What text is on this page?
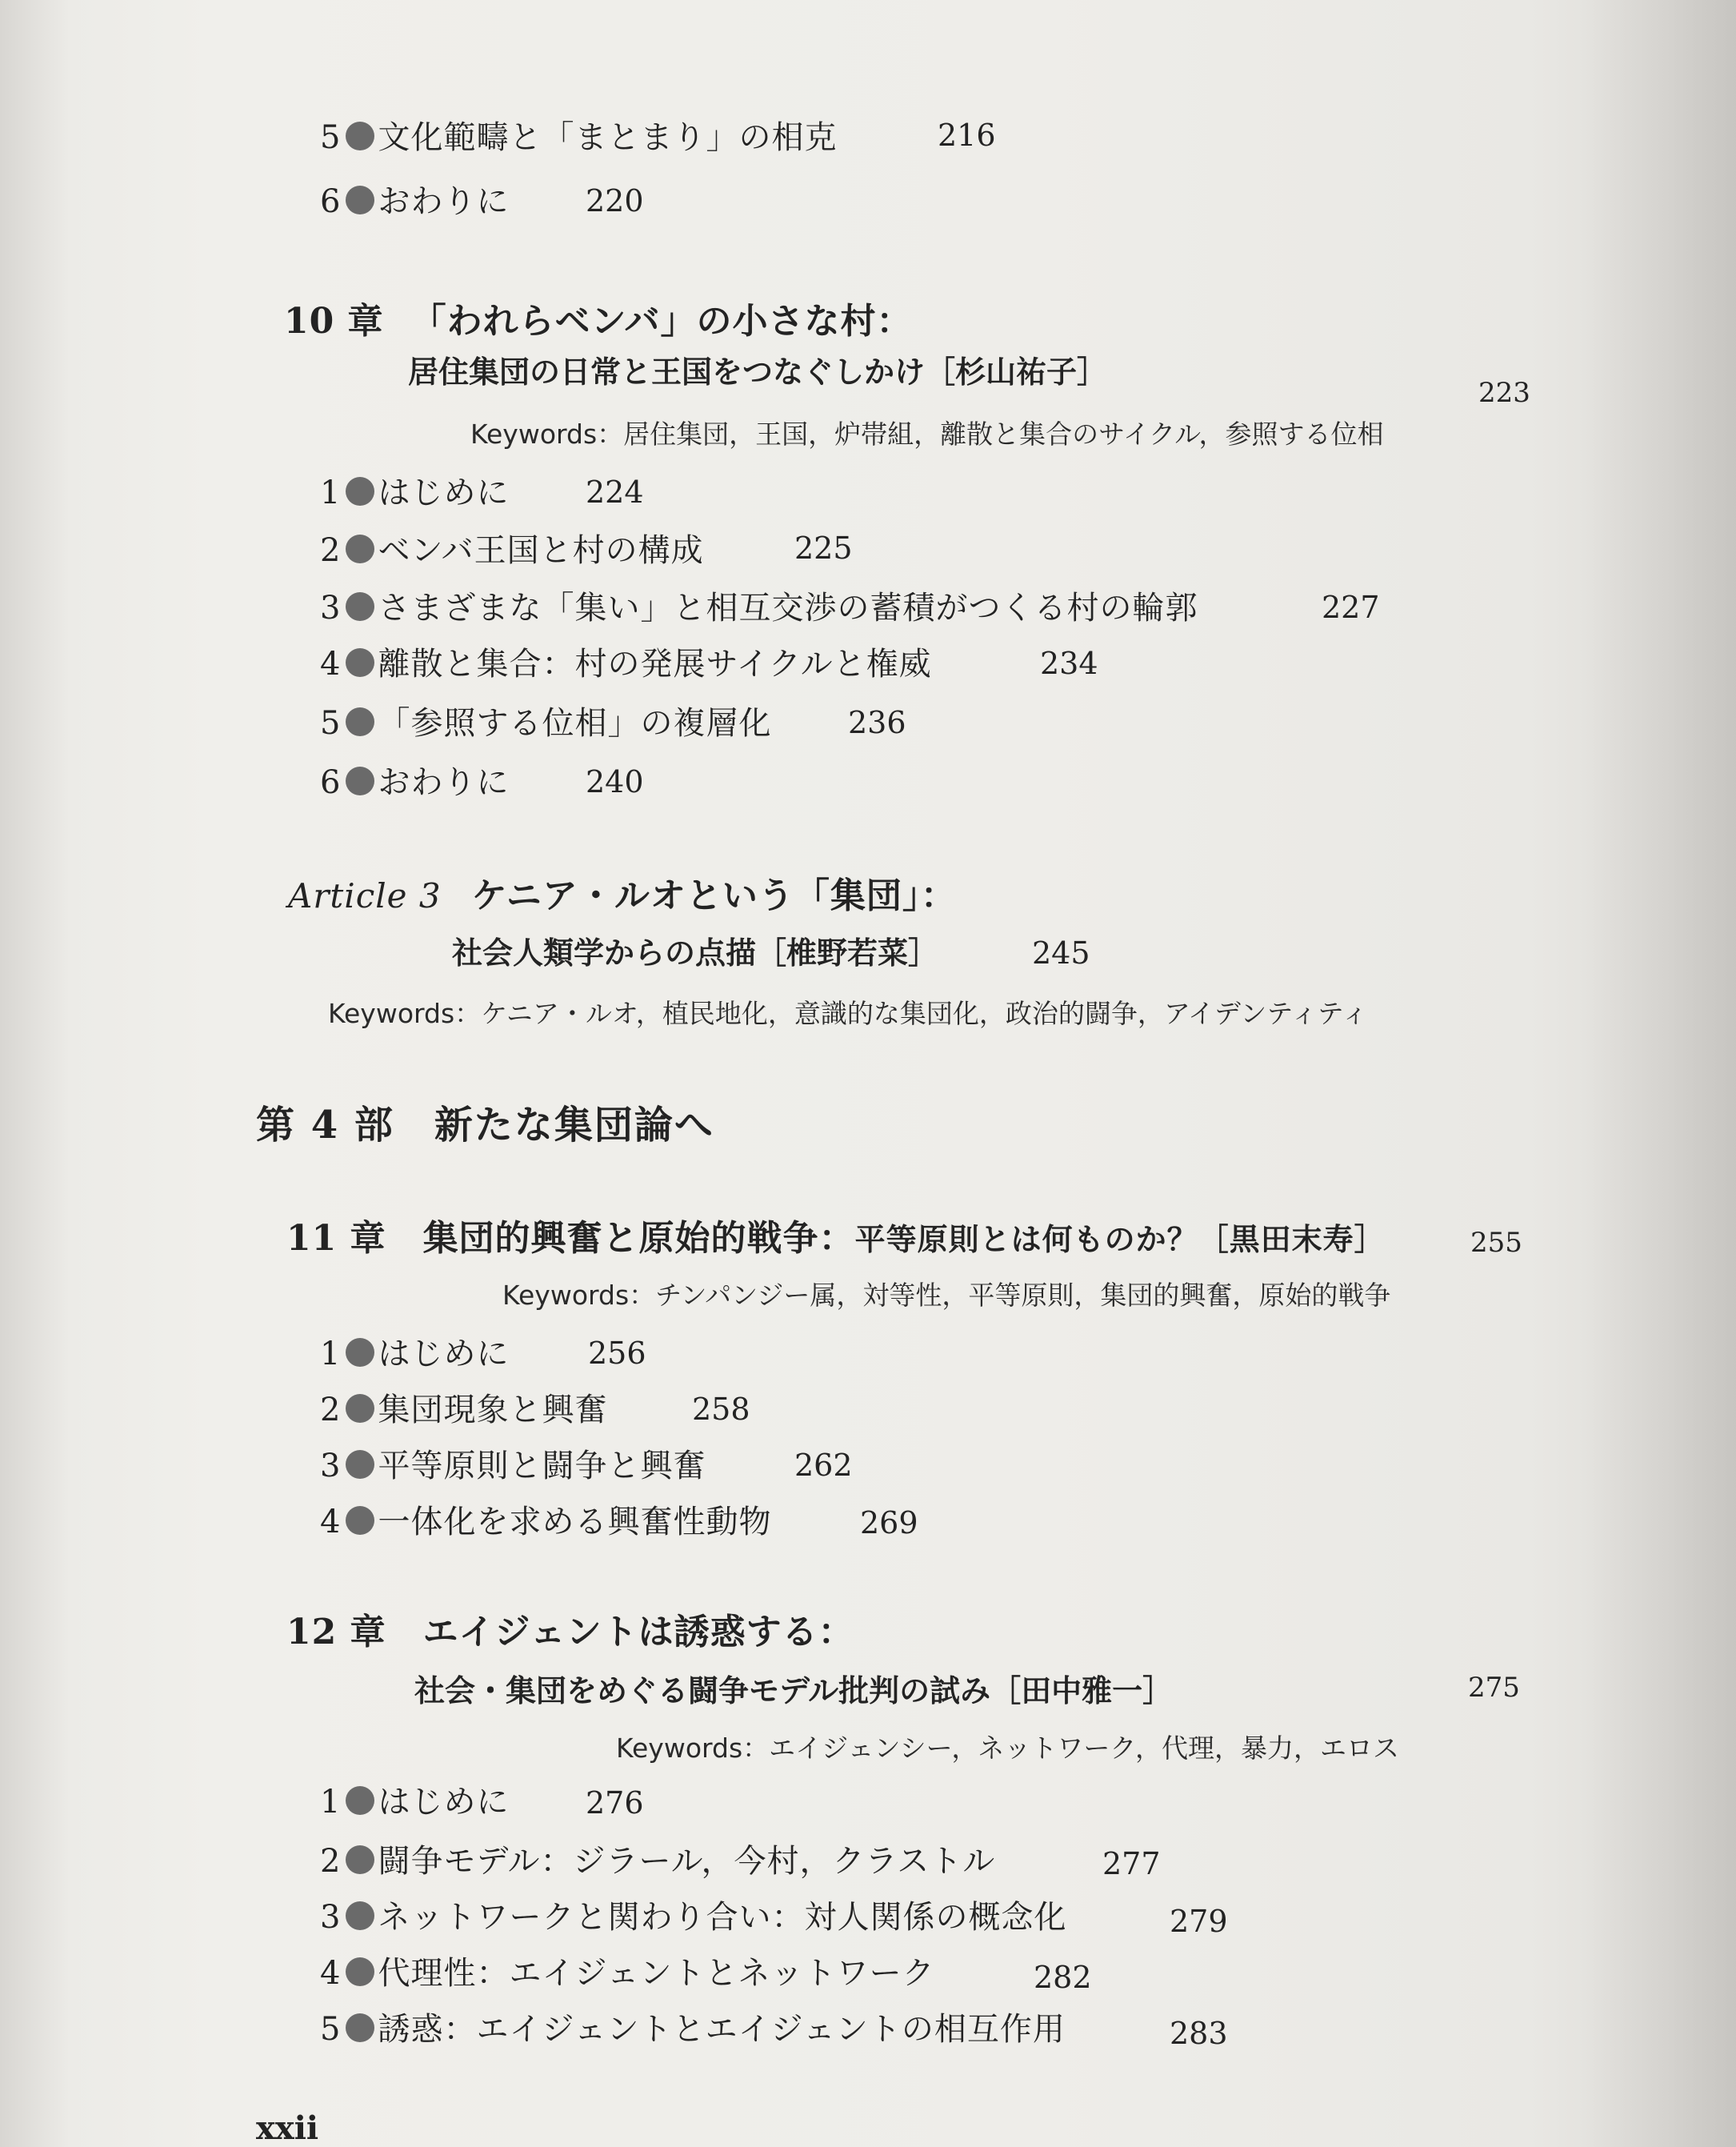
5 文化範疇と「まとまり」の相克	216
6 おわりに	220
10 章 「われらベンバ」の小さな村：
居住集団の日常と王国をつなぐしかけ［杉山祐子］
223
Keywords：居住集団，王国，炉帯組，離散と集合のサイクル，参照する位相
1 はじめに	224
2 ベンバ王国と村の構成	225
3 さまざまな「集い」と相互交渉の蓄積がつくる村の輪郭	227
4 離散と集合：村の発展サイクルと権威	234
5 「参照する位相」の複層化	236
6 おわりに	240
Article 3 ケニア・ルオという「集団」：
社会人類学からの点描［椎野若菜］	245
Keywords：ケニア・ルオ，植民地化，意識的な集団化，政治的闘争，アイデンティティ
第 4 部　新たな集団論へ
11 章 集団的興奮と原始的戦争：平等原則とは何ものか？［黒田末寿］	255
Keywords：チンパンジー属，対等性，平等原則，集団的興奮，原始的戦争
1 はじめに	256
2 集団現象と興奮	258
3 平等原則と闘争と興奮	262
4 一体化を求める興奮性動物	269
12 章 エイジェントは誘惑する：
社会・集団をめぐる闘争モデル批判の試み［田中雅一］	275
Keywords：エイジェンシー，ネットワーク，代理，暴力，エロス
1 はじめに	276
2 闘争モデル：ジラール，今村，クラストル	277
3 ネットワークと関わり合い：対人関係の概念化	279
4 代理性：エイジェントとネットワーク	282
5 誘惑：エイジェントとエイジェントの相互作用	283
xxii
